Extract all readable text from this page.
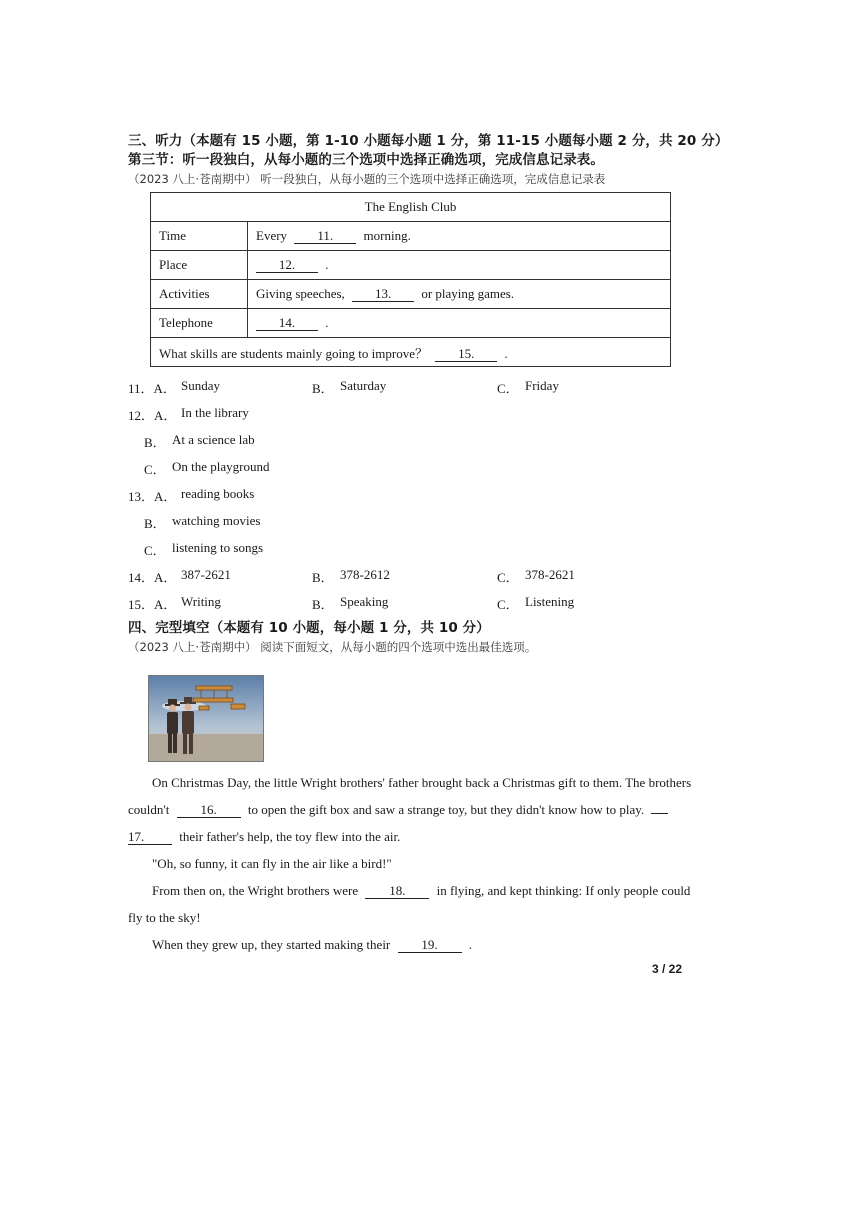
三、听力（本题有 15 小题，第 1-10 小题每小题 1 分，第 11-15 小题每小题 2 分，共 20 分）
第三节：听一段独白，从每小题的三个选项中选择正确选项，完成信息记录表。
（2023 八上·苍南期中） 听一段独白，从每小题的三个选项中选择正确选项，完成信息记录表
The English Club	
Time	Every 11. morning.
Place	12. .
Activities	Giving speeches, 13. or playing games.
Telephone	14. .
What skills are students mainly going to improve？ 15. .	
11．A． Sunday	B． Saturday	C． Friday
12．A． In the library
B． At a science lab
C． On the playground
13．A． reading books
B． watching movies
C． listening to songs
14．A． 387-2621	B． 378-2612	C． 378-2621
15．A． Writing	B． Speaking	C． Listening
四、完型填空（本题有 10 小题，每小题 1 分，共 10 分）
（2023 八上·苍南期中） 阅读下面短文，从每小题的四个选项中选出最佳选项。
On Christmas Day, the little Wright brothers' father brought back a Christmas gift to them. The brothers
couldn't 16. to open the gift box and saw a strange toy, but they didn't know how to play.
17.	their father's help, the toy flew into the air.
"Oh, so funny, it can fly in the air like a bird!"
From then on, the Wright brothers were 18. in flying, and kept thinking: If only people could
fly to the sky!
When they grew up, they started making their 19. .
3 / 22
